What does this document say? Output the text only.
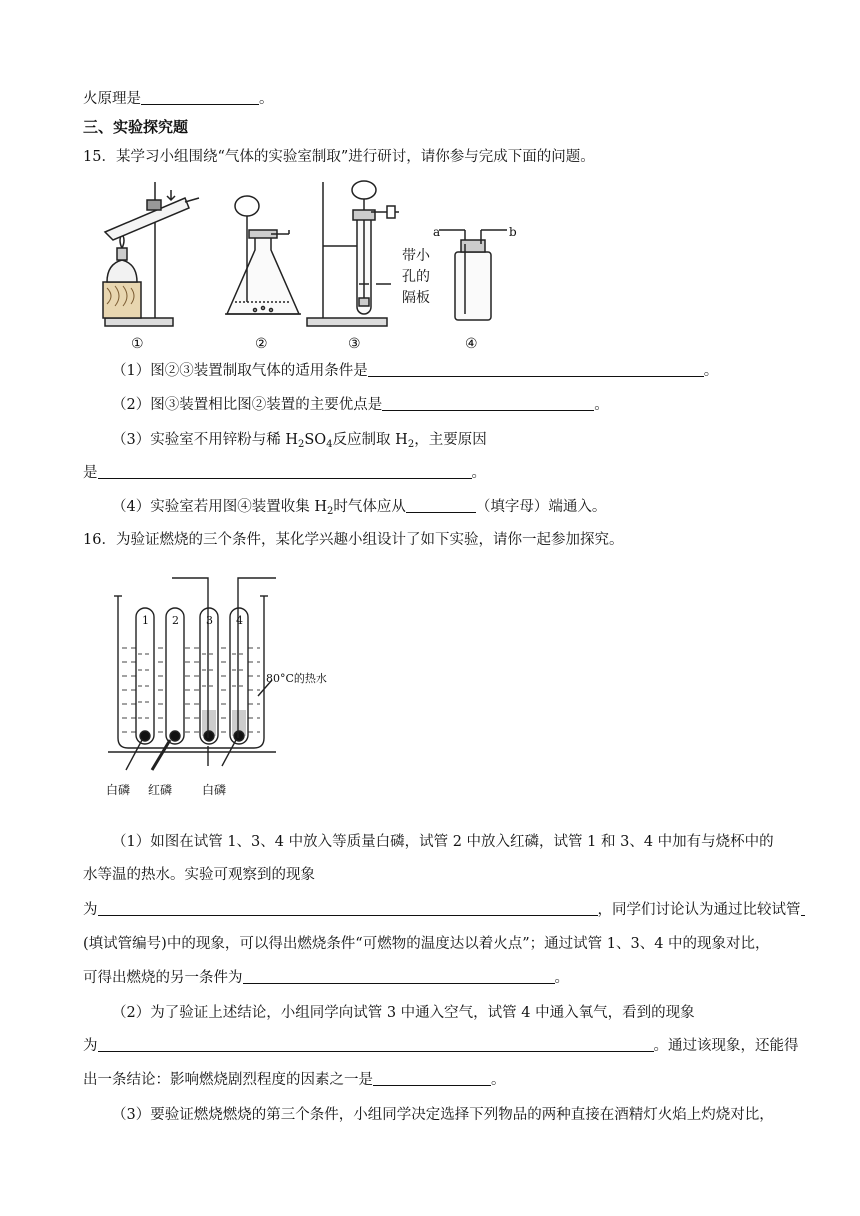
火原理是	。
三、实验探究题
15．某学习小组围绕“气体的实验室制取”进行研讨，请你参与完成下面的问题。
带小
孔的
隔板
a	b
①	②	③	④
（1）图②③装置制取气体的适用条件是	。
（2）图③装置相比图②装置的主要优点是	。
（3）实验室不用锌粉与稀 $H_2SO_4$反应制取 $H_2$，主要原因
是	。
（4）实验室若用图④装置收集 $H_2$时气体应从	（填字母）端通入。
16．为验证燃烧的三个条件，某化学兴趣小组设计了如下实验，请你一起参加探究。
1 2 3 4
80°C的热水
白磷 红磷 白磷
（1）如图在试管 1、3、4 中放入等质量白磷，试管 2 中放入红磷，试管 1 和 3、4 中加有与烧杯中的
水等温的热水。实验可观察到的现象
为	，同学们讨论认为通过比较试管
(填试管编号)中的现象，可以得出燃烧条件“可燃物的温度达以着火点”；通过试管 1、3、4 中的现象对比，
可得出燃烧的另一条件为	。
（2）为了验证上述结论，小组同学向试管 3 中通入空气，试管 4 中通入氧气，看到的现象
为	。通过该现象，还能得
出一条结论：影响燃烧剧烈程度的因素之一是	。
（3）要验证燃烧燃烧的第三个条件，小组同学决定选择下列物品的两种直接在酒精灯火焰上灼烧对比，
